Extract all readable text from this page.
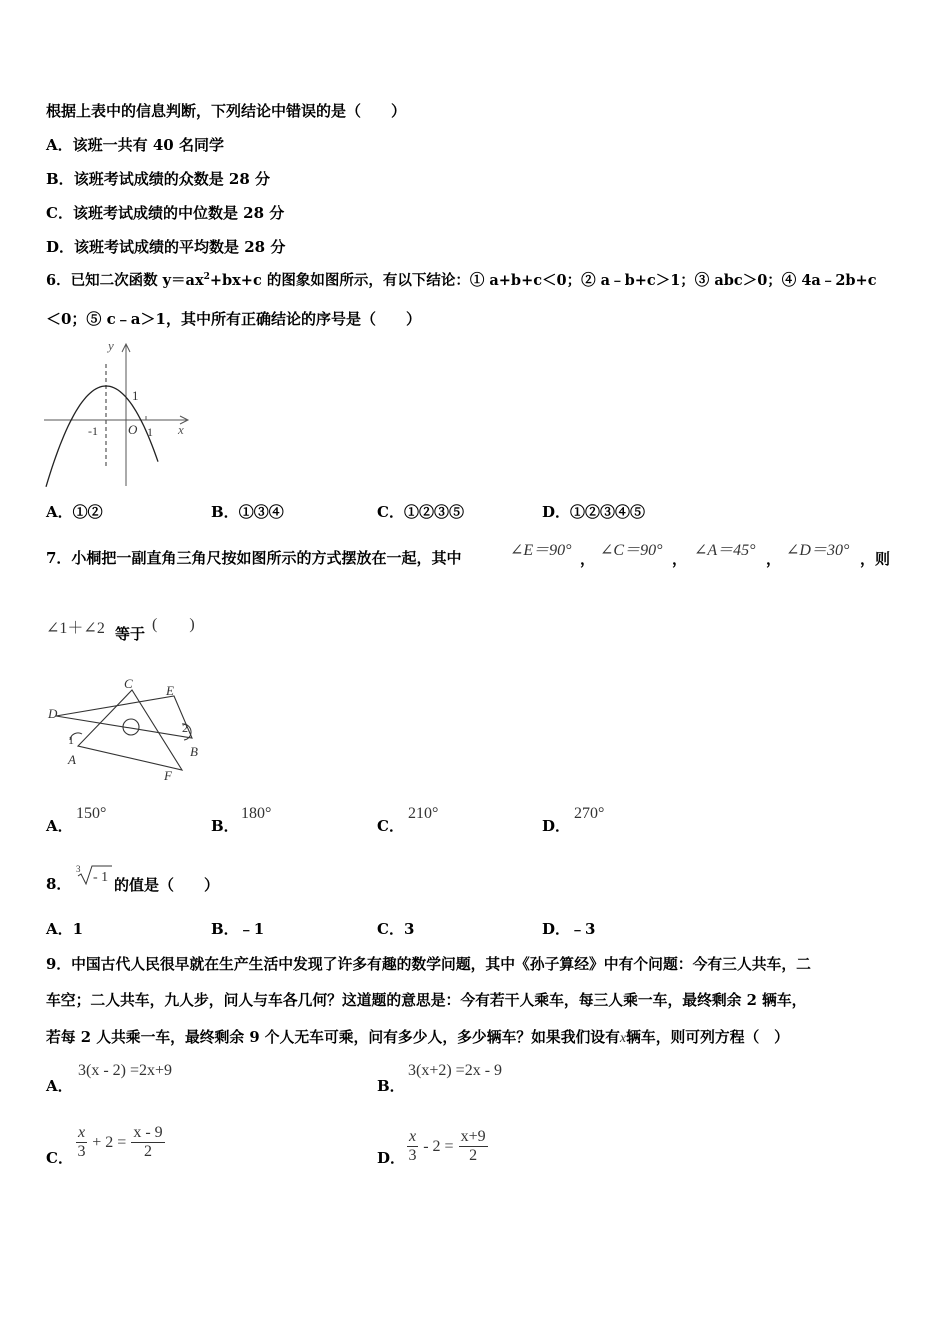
根据上表中的信息判断，下列结论中错误的是（　　）
A．该班一共有 40 名同学
B．该班考试成绩的众数是 28 分
C．该班考试成绩的中位数是 28 分
D．该班考试成绩的平均数是 28 分
6．已知二次函数 $y=ax^2+bx+c$ 的图象如图所示，有以下结论：① a+b+c＜0；② a﹣b+c＞1；③ abc＞0；④ 4a﹣2b+c
＜0；⑤ c﹣a＞1，其中所有正确结论的序号是（　　）
y
x
O
-1	1
1
A．①②	B．①③④	C．①②③⑤	D．①②③④⑤
7．小桐把一副直角三角尺按如图所示的方式摆放在一起，其中	∠E＝90° ， ∠C＝90° ， ∠A＝45° ， ∠D＝30° ，则
∠1＋∠2 等于
(　　)
C	E
D
A
B
F
1
2
A．
150°
B．
180°
C．
210°
D．
270°
8．
3
- 1 的值是（　　）
A．1	B．﹣1	C．3	D．﹣3
9．中国古代人民很早就在生产生活中发现了许多有趣的数学问题，其中《孙子算经》中有个问题：今有三人共车，二
车空；二人共车，九人步，问人与车各几何？这道题的意思是：今有若干人乘车，每三人乘一车，最终剩余 2 辆车，
若每 2 人共乘一车，最终剩余 9 个人无车可乘，问有多少人，多少辆车？如果我们设有x辆车，则可列方程（　）
A．
3(x - 2) =2x+9
B．
3(x+2) =2x - 9
C． $\frac{x}{3} + 2 = \frac{x - 9}{2}$	D． $\frac{x}{3} - 2 = \frac{x+9}{2}$
